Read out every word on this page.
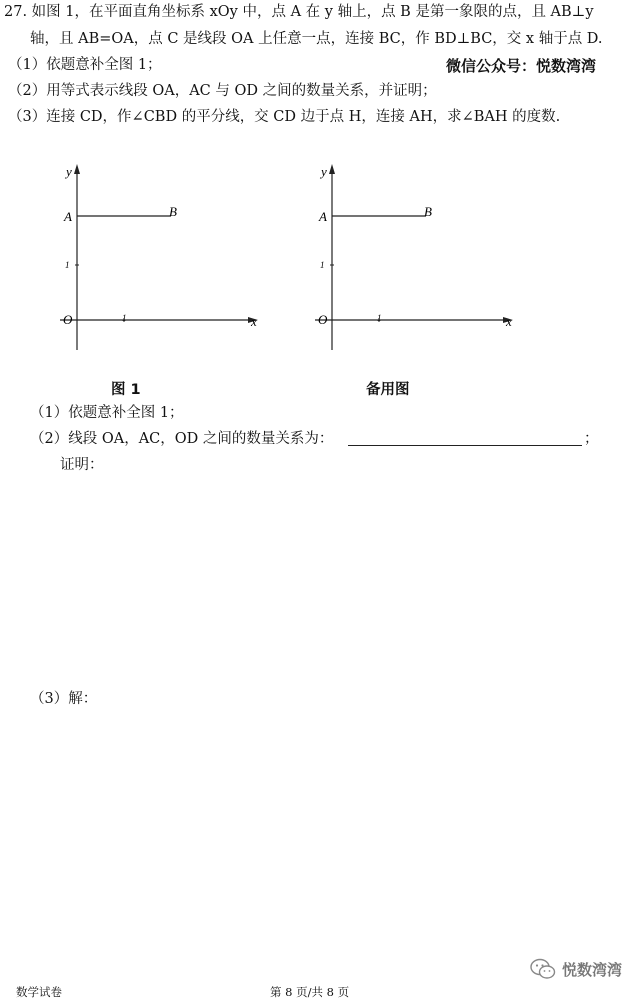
27. 如图 1，在平面直角坐标系 xOy 中，点 A 在 y 轴上，点 B 是第一象限的点，且 AB⊥y
轴，且 AB=OA，点 C 是线段 OA 上任意一点，连接 BC，作 BD⊥BC，交 x 轴于点 D.
（1）依题意补全图 1；	微信公众号：悦数湾湾
（2）用等式表示线段 OA，AC 与 OD 之间的数量关系，并证明；
（3）连接 CD，作∠CBD 的平分线，交 CD 边于点 H，连接 AH，求∠BAH 的度数.
y
A	B
1
O	1	x
y
A	B
1
O	1	x
图 1	备用图
（1）依题意补全图 1；
（2）线段 OA，AC，OD 之间的数量关系为：	；
证明：
（3）解：
悦数湾湾
数学试卷	第 8 页/共 8 页
